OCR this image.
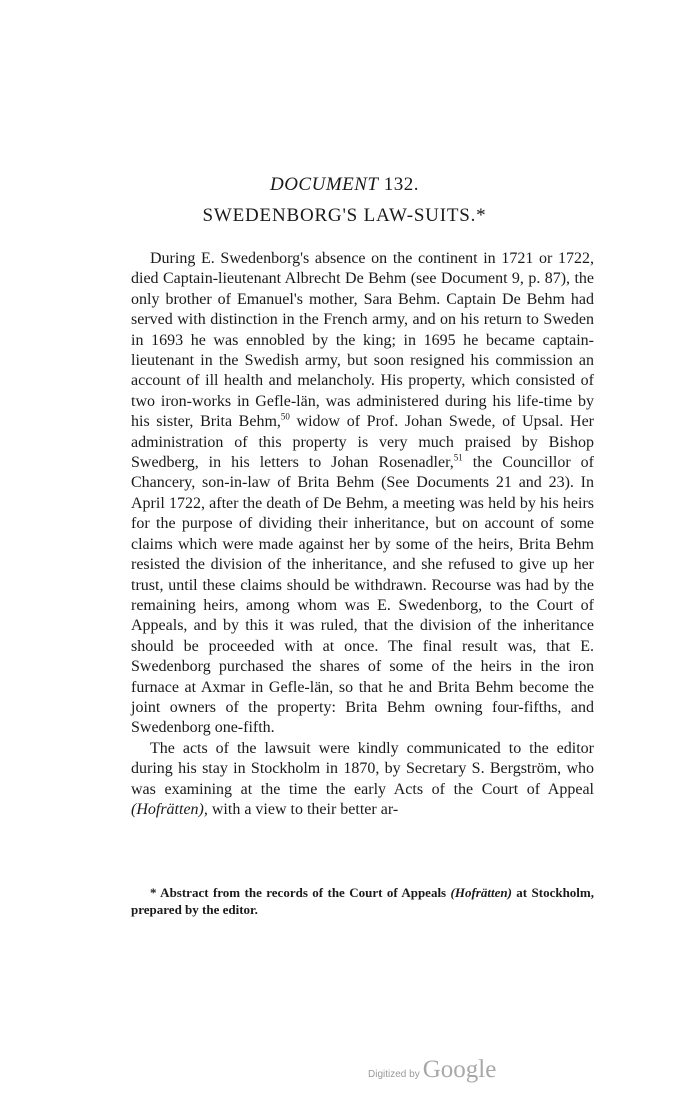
DOCUMENT 132.
SWEDENBORG'S LAW-SUITS.*

During E. Swedenborg's absence on the continent in 1721 or 1722, died Captain-lieutenant Albrecht De Behm (see Document 9, p. 87), the only brother of Emanuel's mother, Sara Behm. Captain De Behm had served with distinction in the French army, and on his return to Sweden in 1693 he was ennobled by the king; in 1695 he became captain-lieutenant in the Swedish army, but soon resigned his commission an account of ill health and melancholy. His property, which consisted of two iron-works in Gefle-län, was administered during his life-time by his sister, Brita Behm,$^{50}$ widow of Prof. Johan Swede, of Upsal. Her administration of this property is very much praised by Bishop Swedberg, in his letters to Johan Rosenadler,$^{51}$ the Councillor of Chancery, son-in-law of Brita Behm (See Documents 21 and 23). In April 1722, after the death of De Behm, a meeting was held by his heirs for the purpose of dividing their inheritance, but on account of some claims which were made against her by some of the heirs, Brita Behm resisted the division of the inheritance, and she refused to give up her trust, until these claims should be withdrawn. Recourse was had by the remaining heirs, among whom was E. Swedenborg, to the Court of Appeals, and by this it was ruled, that the division of the inheritance should be proceeded with at once. The final result was, that E. Swedenborg purchased the shares of some of the heirs in the iron furnace at Axmar in Gefle-län, so that he and Brita Behm become the joint owners of the property: Brita Behm owning four-fifths, and Swedenborg one-fifth.

The acts of the lawsuit were kindly communicated to the editor during his stay in Stockholm in 1870, by Secretary S. Bergström, who was examining at the time the early Acts of the Court of Appeal (Hofrätten), with a view to their better ar-

* Abstract from the records of the Court of Appeals (Hofrätten) at Stockholm, prepared by the editor.
Digitized by Google
